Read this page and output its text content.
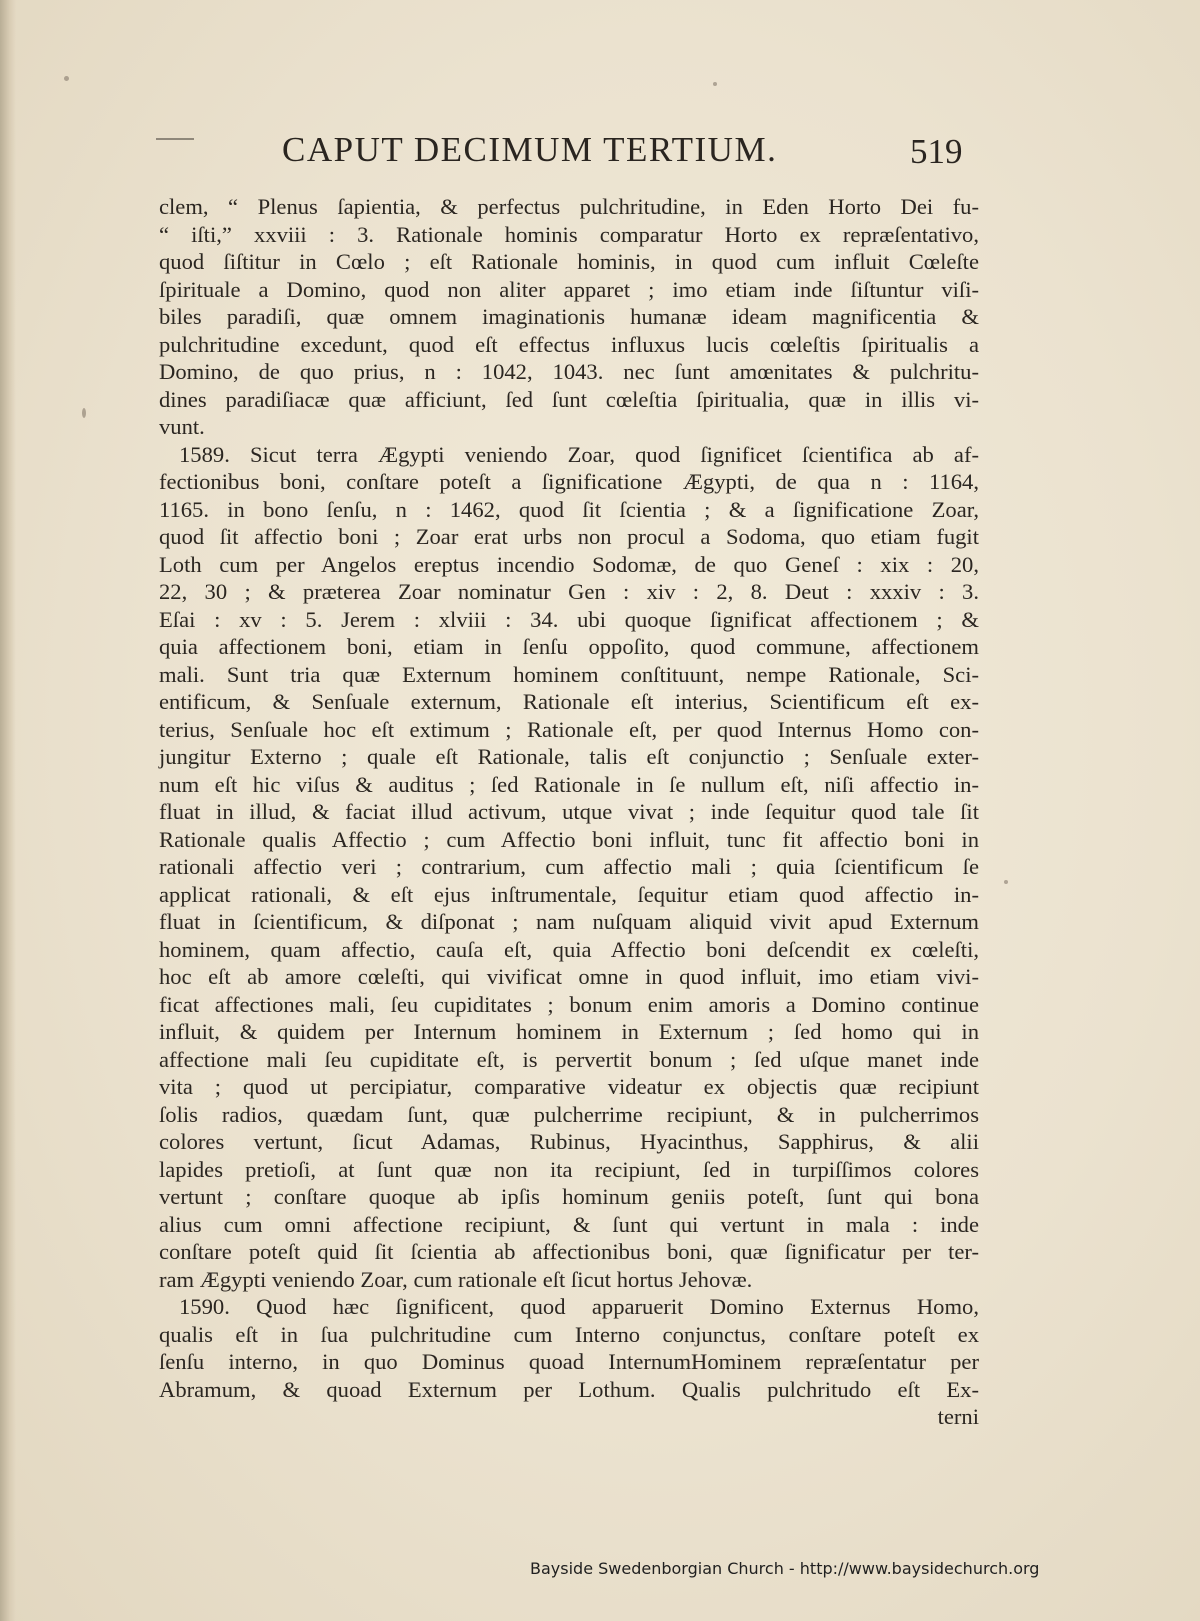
CAPUT DECIMUM TERTIUM.	519
clem, “ Plenus ſapientia, & perfectus pulchritudine, in Eden Horto Dei fu-
“ iſti,” xxviii : 3. Rationale hominis comparatur Horto ex repræſentativo,
quod ſiſtitur in Cœlo ; eſt Rationale hominis, in quod cum influit Cœleſte
ſpirituale a Domino, quod non aliter apparet ; imo etiam inde ſiſtuntur viſi-
biles paradiſi, quæ omnem imaginationis humanæ ideam magnificentia &
pulchritudine excedunt, quod eſt effectus influxus lucis cœleſtis ſpiritualis a
Domino, de quo prius, n : 1042, 1043. nec ſunt amœnitates & pulchritu-
dines paradiſiacæ quæ afficiunt, ſed ſunt cœleſtia ſpiritualia, quæ in illis vi-
vunt.
1589. Sicut terra Ægypti veniendo Zoar, quod ſignificet ſcientifica ab af-
fectionibus boni, conſtare poteſt a ſignificatione Ægypti, de qua n : 1164,
1165. in bono ſenſu, n : 1462, quod ſit ſcientia ; & a ſignificatione Zoar,
quod ſit affectio boni ; Zoar erat urbs non procul a Sodoma, quo etiam fugit
Loth cum per Angelos ereptus incendio Sodomæ, de quo Geneſ : xix : 20,
22, 30 ; & præterea Zoar nominatur Gen : xiv : 2, 8. Deut : xxxiv : 3.
Eſai : xv : 5. Jerem : xlviii : 34. ubi quoque ſignificat affectionem ; &
quia affectionem boni, etiam in ſenſu oppoſito, quod commune, affectionem
mali. Sunt tria quæ Externum hominem conſtituunt, nempe Rationale, Sci-
entificum, & Senſuale externum, Rationale eſt interius, Scientificum eſt ex-
terius, Senſuale hoc eſt extimum ; Rationale eſt, per quod Internus Homo con-
jungitur Externo ; quale eſt Rationale, talis eſt conjunctio ; Senſuale exter-
num eſt hic viſus & auditus ; ſed Rationale in ſe nullum eſt, niſi affectio in-
fluat in illud, & faciat illud activum, utque vivat ; inde ſequitur quod tale ſit
Rationale qualis Affectio ; cum Affectio boni influit, tunc fit affectio boni in
rationali affectio veri ; contrarium, cum affectio mali ; quia ſcientificum ſe
applicat rationali, & eſt ejus inſtrumentale, ſequitur etiam quod affectio in-
fluat in ſcientificum, & diſponat ; nam nuſquam aliquid vivit apud Externum
hominem, quam affectio, cauſa eſt, quia Affectio boni deſcendit ex cœleſti,
hoc eſt ab amore cœleſti, qui vivificat omne in quod influit, imo etiam vivi-
ficat affectiones mali, ſeu cupiditates ; bonum enim amoris a Domino continue
influit, & quidem per Internum hominem in Externum ; ſed homo qui in
affectione mali ſeu cupiditate eſt, is pervertit bonum ; ſed uſque manet inde
vita ; quod ut percipiatur, comparative videatur ex objectis quæ recipiunt
ſolis radios, quædam ſunt, quæ pulcherrime recipiunt, & in pulcherrimos
colores vertunt, ſicut Adamas, Rubinus, Hyacinthus, Sapphirus, & alii
lapides pretioſi, at ſunt quæ non ita recipiunt, ſed in turpiſſimos colores
vertunt ; conſtare quoque ab ipſis hominum geniis poteſt, ſunt qui bona
alius cum omni affectione recipiunt, & ſunt qui vertunt in mala : inde
conſtare poteſt quid ſit ſcientia ab affectionibus boni, quæ ſignificatur per ter-
ram Ægypti veniendo Zoar, cum rationale eſt ſicut hortus Jehovæ.
1590. Quod hæc ſignificent, quod apparuerit Domino Externus Homo,
qualis eſt in ſua pulchritudine cum Interno conjunctus, conſtare poteſt ex
ſenſu interno, in quo Dominus quoad InternumHominem repræſentatur per
Abramum, & quoad Externum per Lothum. Qualis pulchritudo eſt Ex-
terni
Bayside Swedenborgian Church - http://www.baysidechurch.org
